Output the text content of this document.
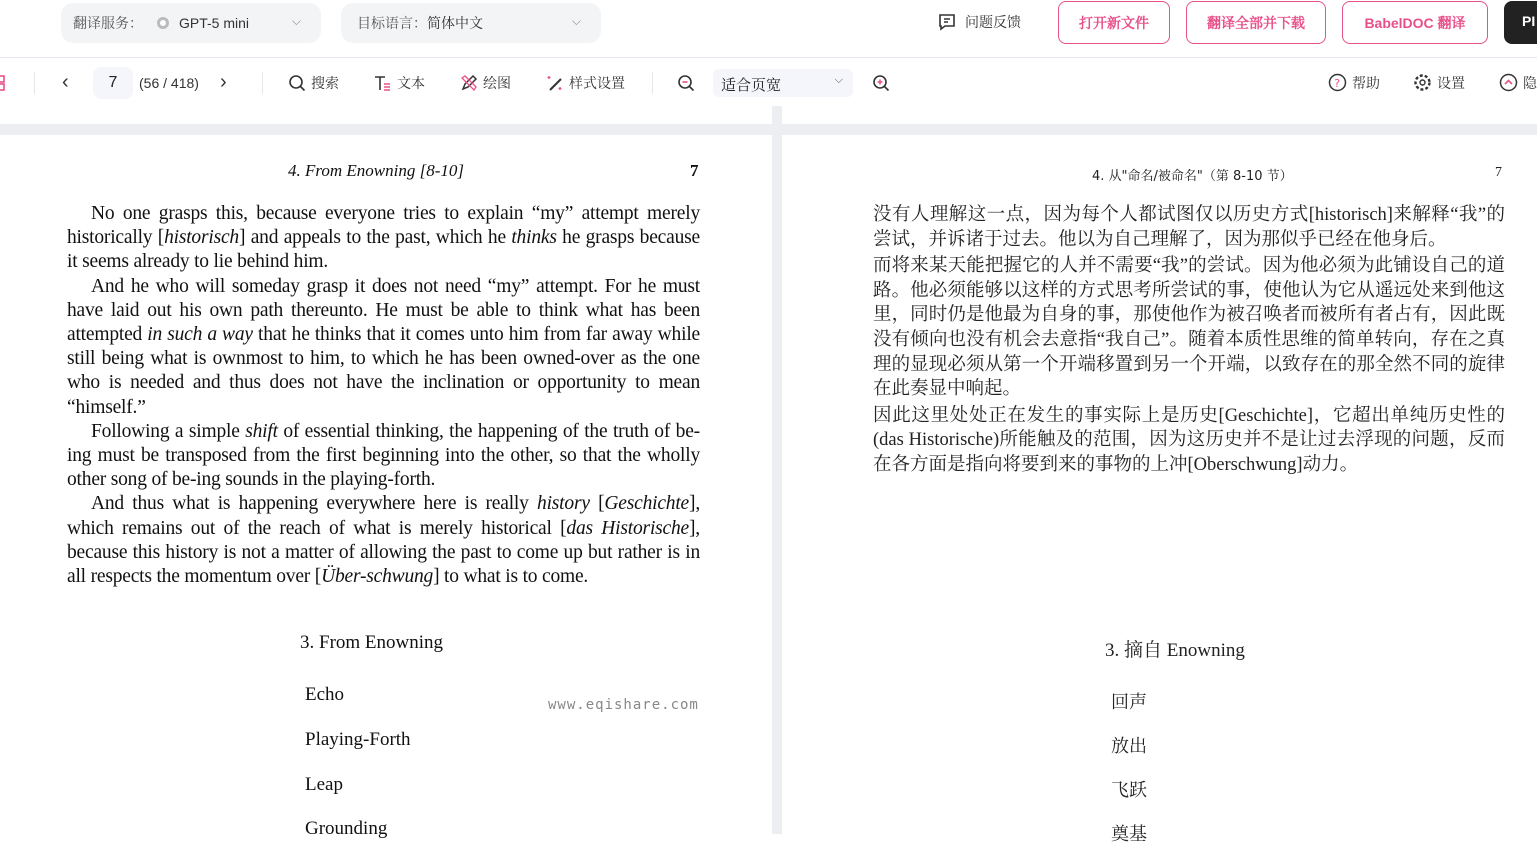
翻译服务：	GPT-5 mini	⌵	目标语言： 简体中文	⌵	问题反馈	打开新文件	翻译全部并下载	BabelDOC 翻译	PI
‹	7	(56 / 418) ›	搜索	文本	绘图	样式设置	适合页宽	⌵	? 帮助	设置	隐
4. From Enowning [8-10]	7

No one grasps this, because everyone tries to explain “my” attempt merely historically [historisch] and appeals to the past, which he thinks he grasps because it seems already to lie behind him.

And he who will someday grasp it does not need “my” attempt. For he must have laid out his own path thereunto. He must be able to think what has been attempted in such a way that he thinks that it comes unto him from far away while still being what is ownmost to him, to which he has been owned-over as the one who is needed and thus does not have the inclination or opportunity to mean “himself.”

Following a simple shift of essential thinking, the happening of the truth of be-ing must be transposed from the first beginning into the other, so that the wholly other song of be-ing sounds in the playing-forth.

And thus what is happening everywhere here is really history [Geschichte], which remains out of the reach of what is merely historical [das Historische], because this history is not a matter of allowing the past to come up but rather is in all respects the momentum over [Über-schwung] to what is to come.

3. From Enowning
Echo
Playing-Forth
Leap
Grounding
www.eqishare.com
4. 从"命名/被命名"（第 8-10 节）	7

没有人理解这一点，因为每个人都试图仅以历史方式[historisch]来解释“我”的尝试，并诉诸于过去。他以为自己理解了，因为那似乎已经在他身后。

而将来某天能把握它的人并不需要“我”的尝试。因为他必须为此铺设自己的道路。他必须能够以这样的方式思考所尝试的事，使他认为它从遥远处来到他这里，同时仍是他最为自身的事，那使他作为被召唤者而被所有者占有，因此既没有倾向也没有机会去意指“我自己”。随着本质性思维的简单转向，存在之真理的显现必须从第一个开端移置到另一个开端，以致存在的那全然不同的旋律在此奏显中响起。

因此这里处处正在发生的事实际上是历史[Geschichte]，它超出单纯历史性的(das Historische)所能触及的范围，因为这历史并不是让过去浮现的问题，反而在各方面是指向将要到来的事物的上冲[Oberschwung]动力。

3. 摘自 Enowning
回声
放出
飞跃
奠基
